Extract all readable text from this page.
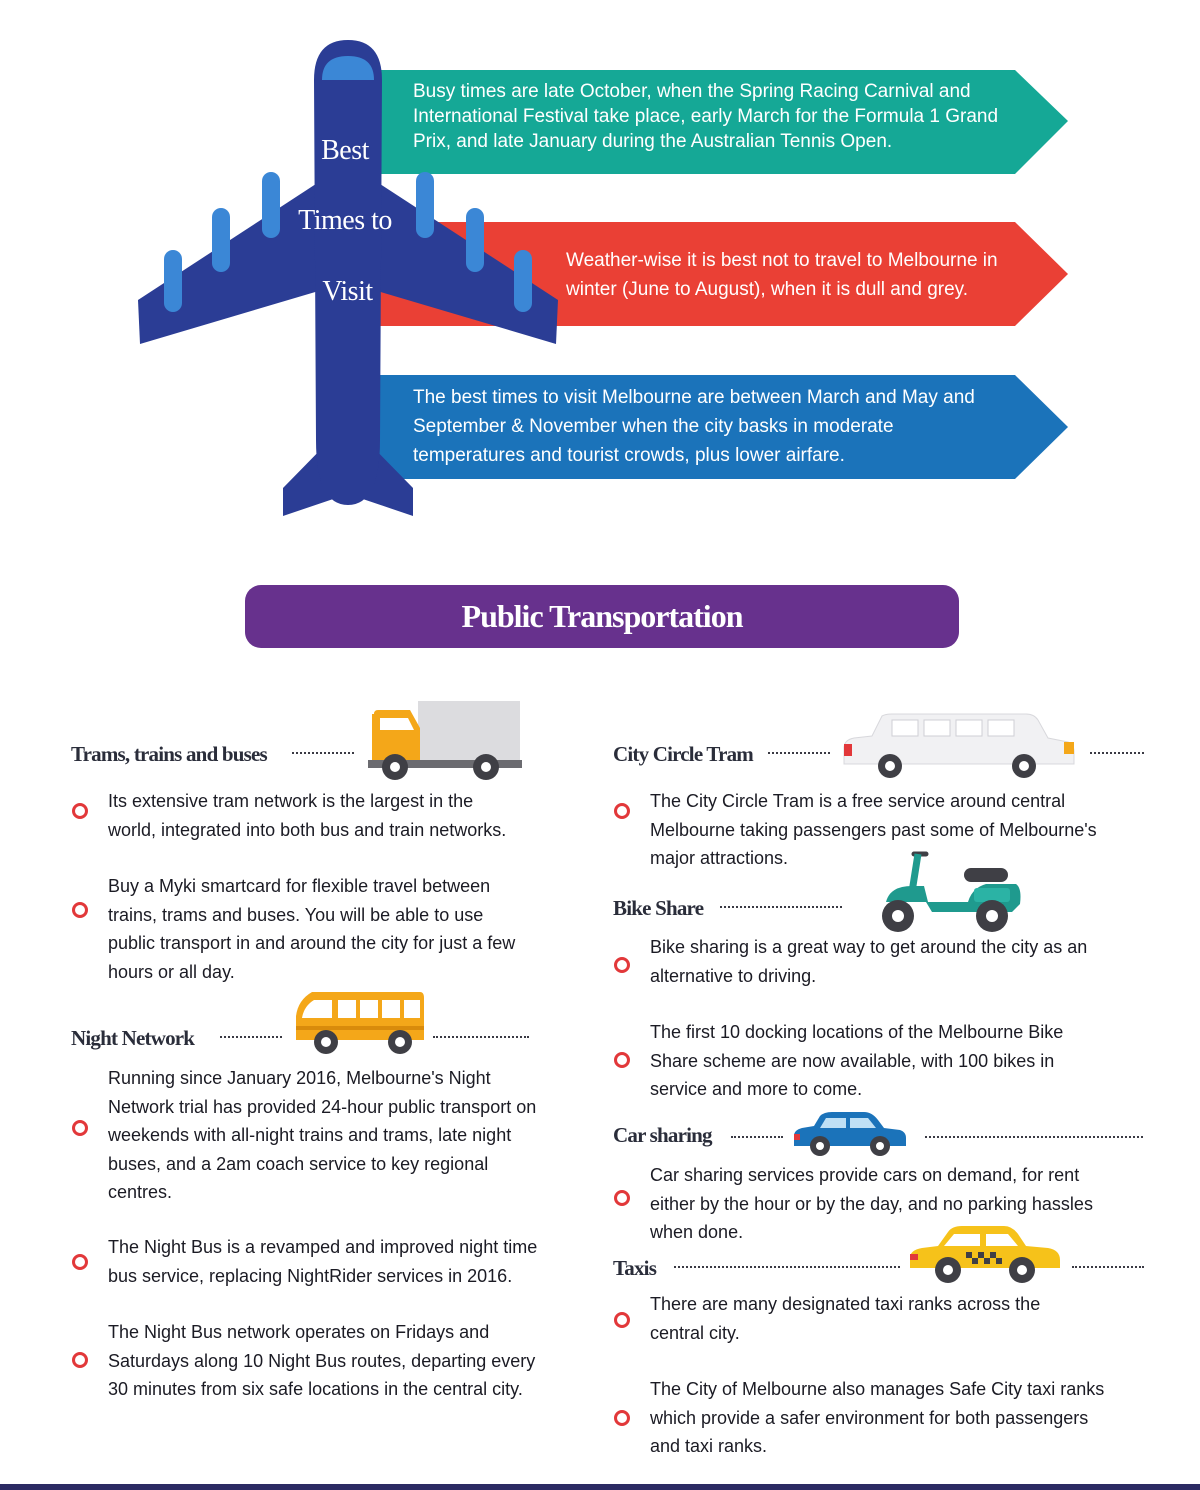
Best
Times to
Visit
Busy times are late October, when the Spring Racing Carnival and
International Festival take place, early March for the Formula 1 Grand
Prix, and late January during the Australian Tennis Open.
Weather-wise it is best not to travel to Melbourne in
winter (June to August), when it is dull and grey.
The best times to visit Melbourne are between March and May and
September & November when the city basks in moderate
temperatures and tourist crowds, plus lower airfare.
Public Transportation
Trams, trains and buses
Its extensive tram network is the largest in the
world, integrated into both bus and train networks.
Buy a Myki smartcard for flexible travel between
trains, trams and buses. You will be able to use
public transport in and around the city for just a few
hours or all day.
Night Network
Running since January 2016, Melbourne's Night
Network trial has provided 24-hour public transport on
weekends with all-night trains and trams, late night
buses, and a 2am coach service to key regional
centres.
The Night Bus is a revamped and improved night time
bus service, replacing NightRider services in 2016.
The Night Bus network operates on Fridays and
Saturdays along 10 Night Bus routes, departing every
30 minutes from six safe locations in the central city.
City Circle Tram
The City Circle Tram is a free service around central
Melbourne taking passengers past some of Melbourne's
major attractions.
Bike Share
Bike sharing is a great way to get around the city as an
alternative to driving.
The first 10 docking locations of the Melbourne Bike
Share scheme are now available, with 100 bikes in
service and more to come.
Car sharing
Car sharing services provide cars on demand, for rent
either by the hour or by the day, and no parking hassles
when done.
Taxis
There are many designated taxi ranks across the
central city.
The City of Melbourne also manages Safe City taxi ranks
which provide a safer environment for both passengers
and taxi ranks.
